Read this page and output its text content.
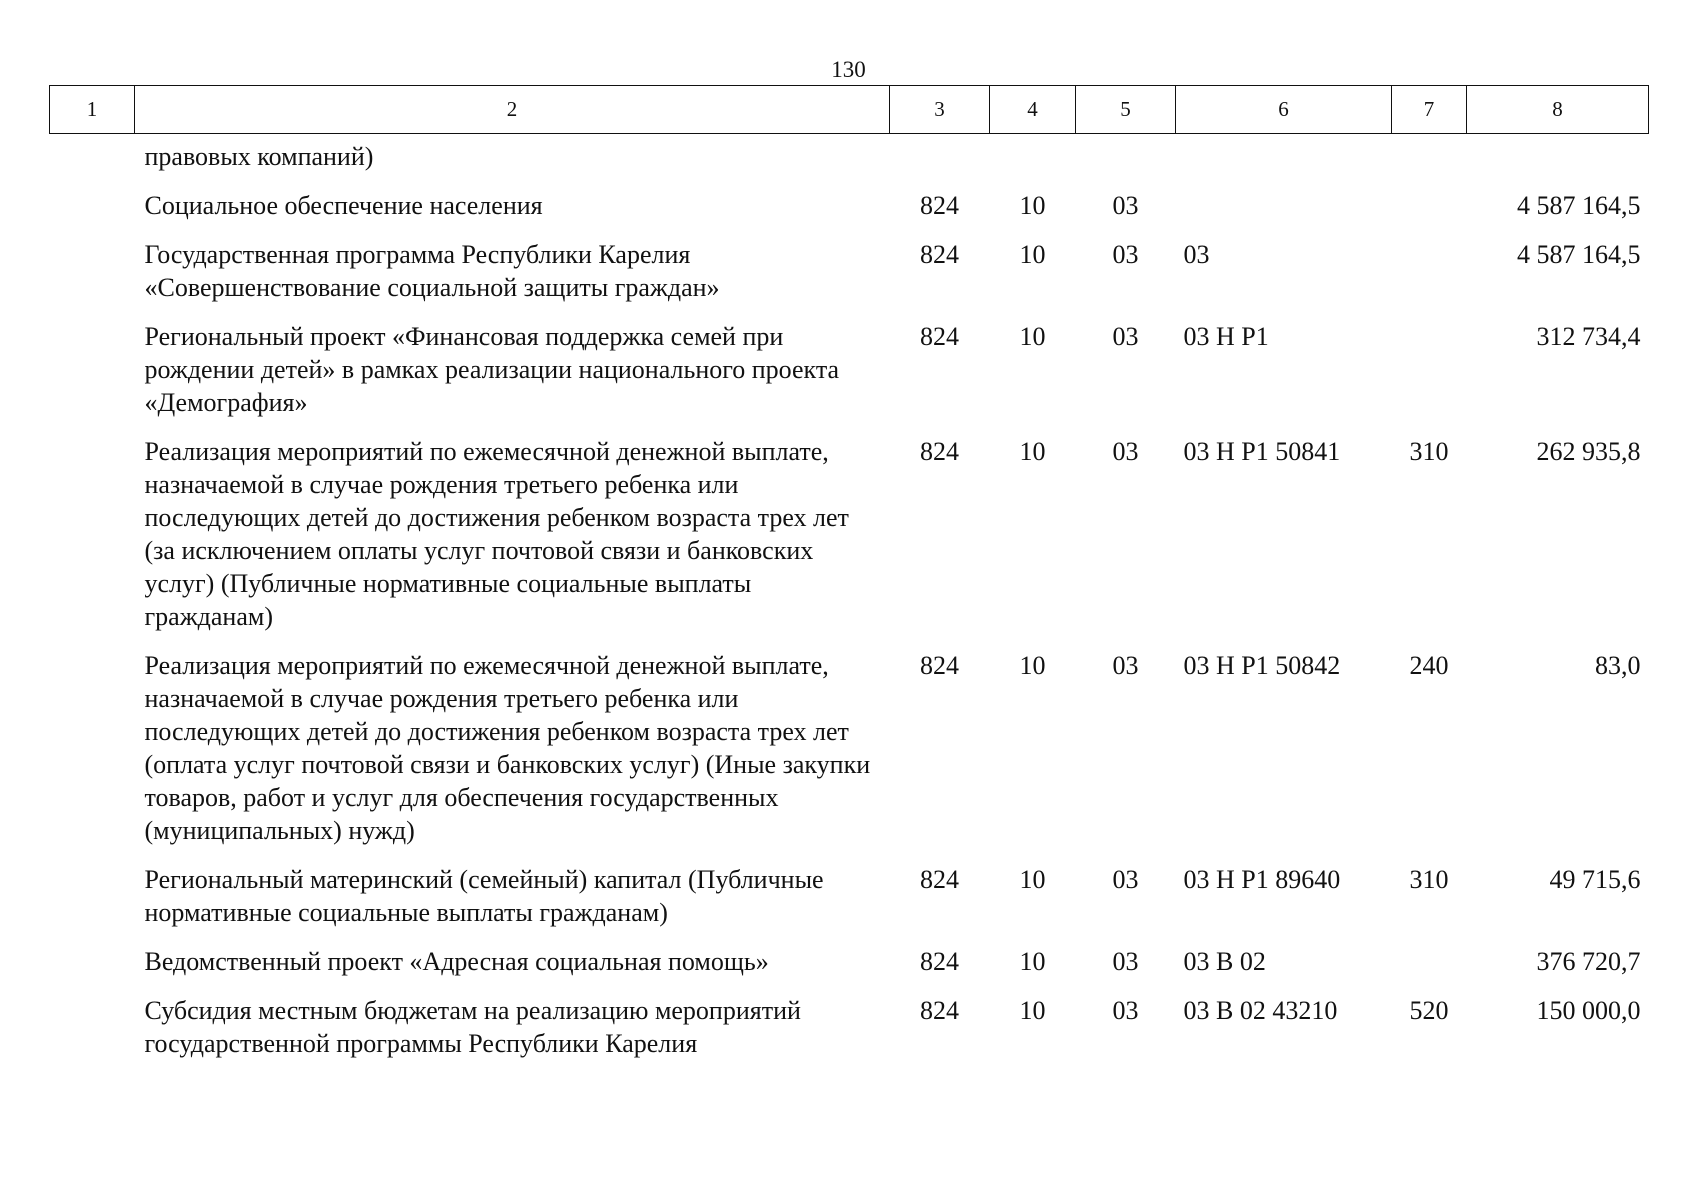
130
1	2	3	4	5	6	7	8
	правовых компаний)						
	Социальное обеспечение населения	824	10	03			4 587 164,5
	Государственная программа Республики Карелия «Совершенствование социальной защиты граждан»	824	10	03	03		4 587 164,5
	Региональный проект «Финансовая поддержка семей при рождении детей» в рамках реализации национального проекта «Демография»	824	10	03	03 Н Р1		312 734,4
	Реализация мероприятий по ежемесячной денежной выплате, назначаемой в случае рождения третьего ребенка или последующих детей до достижения ребенком возраста трех лет (за исключением оплаты услуг почтовой связи и банковских услуг) (Публичные нормативные социальные выплаты гражданам)	824	10	03	03 Н Р1 50841	310	262 935,8
	Реализация мероприятий по ежемесячной денежной выплате, назначаемой в случае рождения третьего ребенка или последующих детей до достижения ребенком возраста трех лет (оплата услуг почтовой связи и банковских услуг) (Иные закупки товаров, работ и услуг для обеспечения государственных (муниципальных) нужд)	824	10	03	03 Н Р1 50842	240	83,0
	Региональный материнский (семейный) капитал (Публичные нормативные социальные выплаты гражданам)	824	10	03	03 Н Р1 89640	310	49 715,6
	Ведомственный проект «Адресная социальная помощь»	824	10	03	03 В 02		376 720,7
	Субсидия местным бюджетам на реализацию мероприятий государственной программы Республики Карелия	824	10	03	03 В 02 43210	520	150 000,0
